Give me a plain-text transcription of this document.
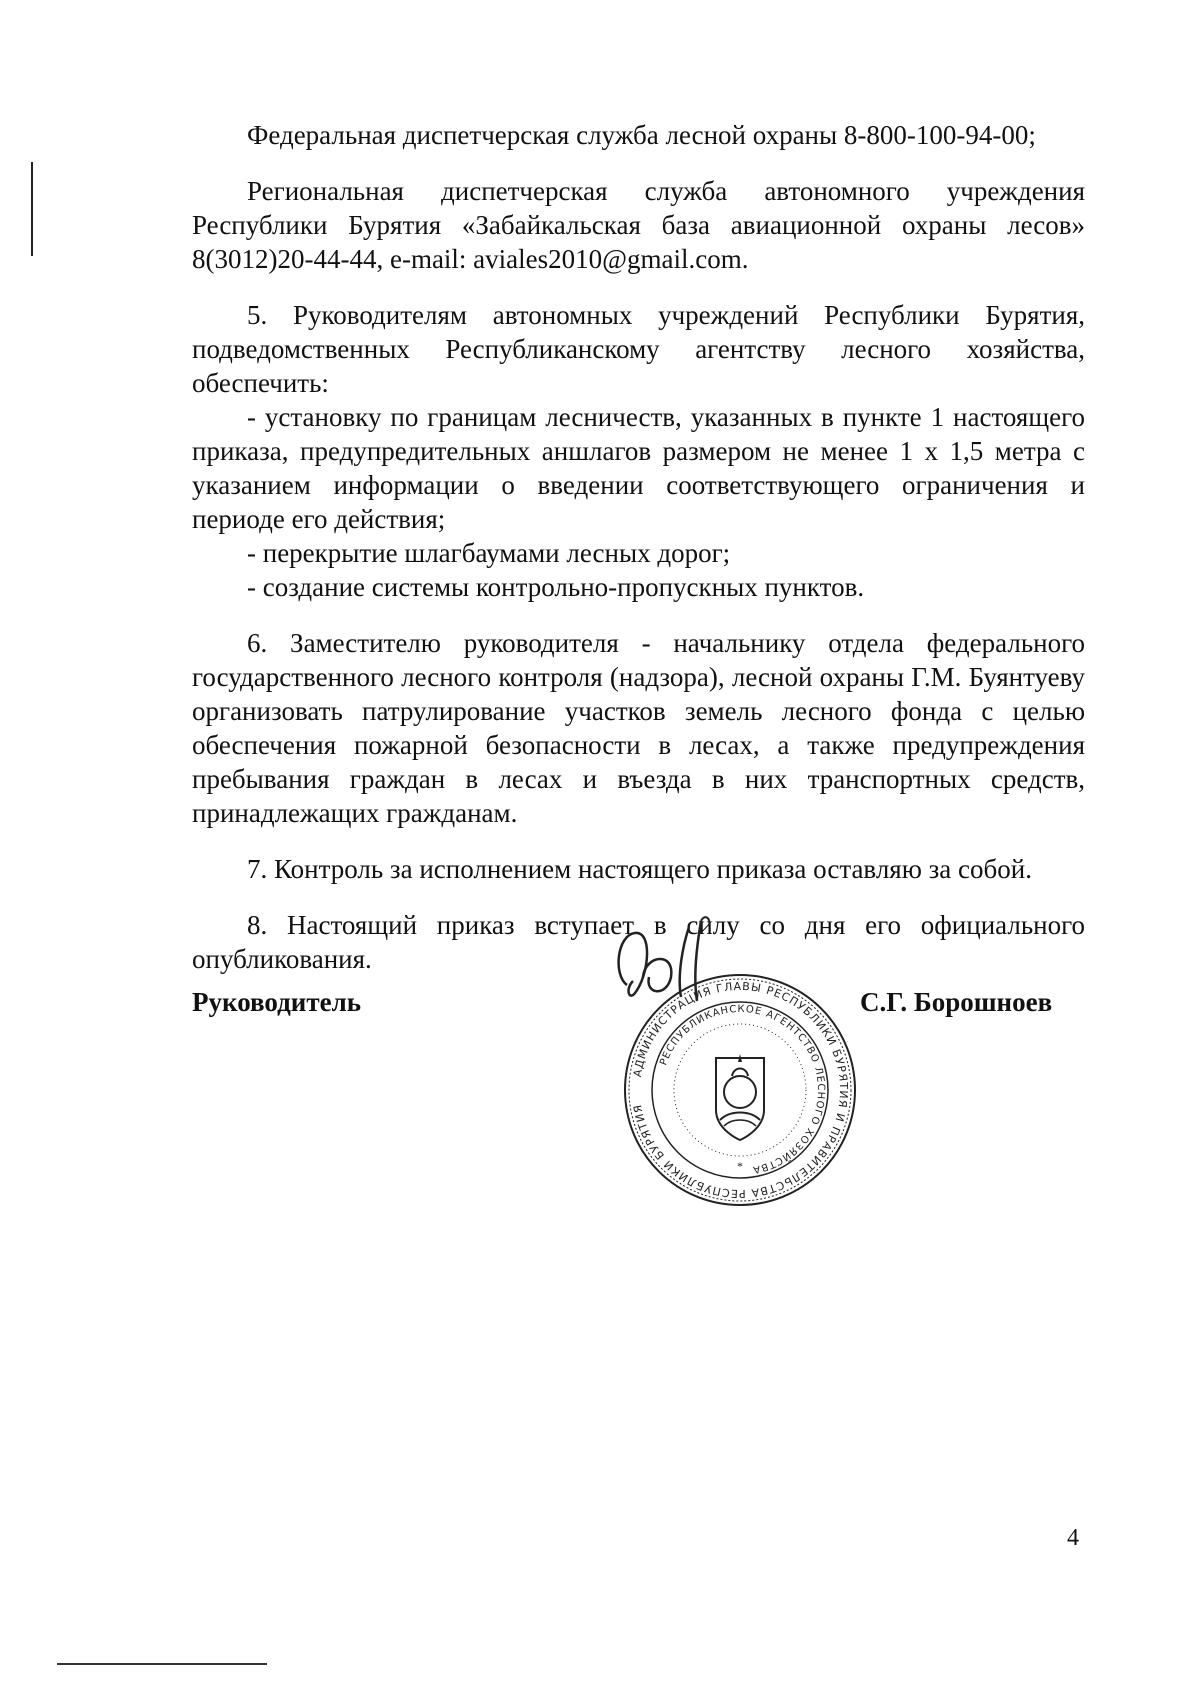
Федеральная диспетчерская служба лесной охраны 8-800-100-94-00;

Региональная диспетчерская служба автономного учреждения Республики Бурятия «Забайкальская база авиационной охраны лесов» 8(3012)20-44-44, e-mail: aviales2010@gmail.com.

5. Руководителям автономных учреждений Республики Бурятия, подведомственных Республиканскому агентству лесного хозяйства, обеспечить:

- установку по границам лесничеств, указанных в пункте 1 настоящего приказа, предупредительных аншлагов размером не менее 1 х 1,5 метра с указанием информации о введении соответствующего ограничения и периоде его действия;

- перекрытие шлагбаумами лесных дорог;

- создание системы контрольно-пропускных пунктов.

6. Заместителю руководителя - начальнику отдела федерального государственного лесного контроля (надзора), лесной охраны Г.М. Буянтуеву организовать патрулирование участков земель лесного фонда с целью обеспечения пожарной безопасности в лесах, а также предупреждения пребывания граждан в лесах и въезда в них транспортных средств, принадлежащих гражданам.

7. Контроль за исполнением настоящего приказа оставляю за собой.

8. Настоящий приказ вступает в силу со дня его официального опубликования.

Руководитель	С.Г. Борошноев
АДМИНИСТРАЦИЯ ГЛАВЫ РЕСПУБЛИКИ БУРЯТИЯ И ПРАВИТЕЛЬСТВА РЕСПУБЛИКИ БУРЯТИЯ
РЕСПУБЛИКАНСКОЕ АГЕНТСТВО ЛЕСНОГО ХОЗЯЙСТВА
*
4
